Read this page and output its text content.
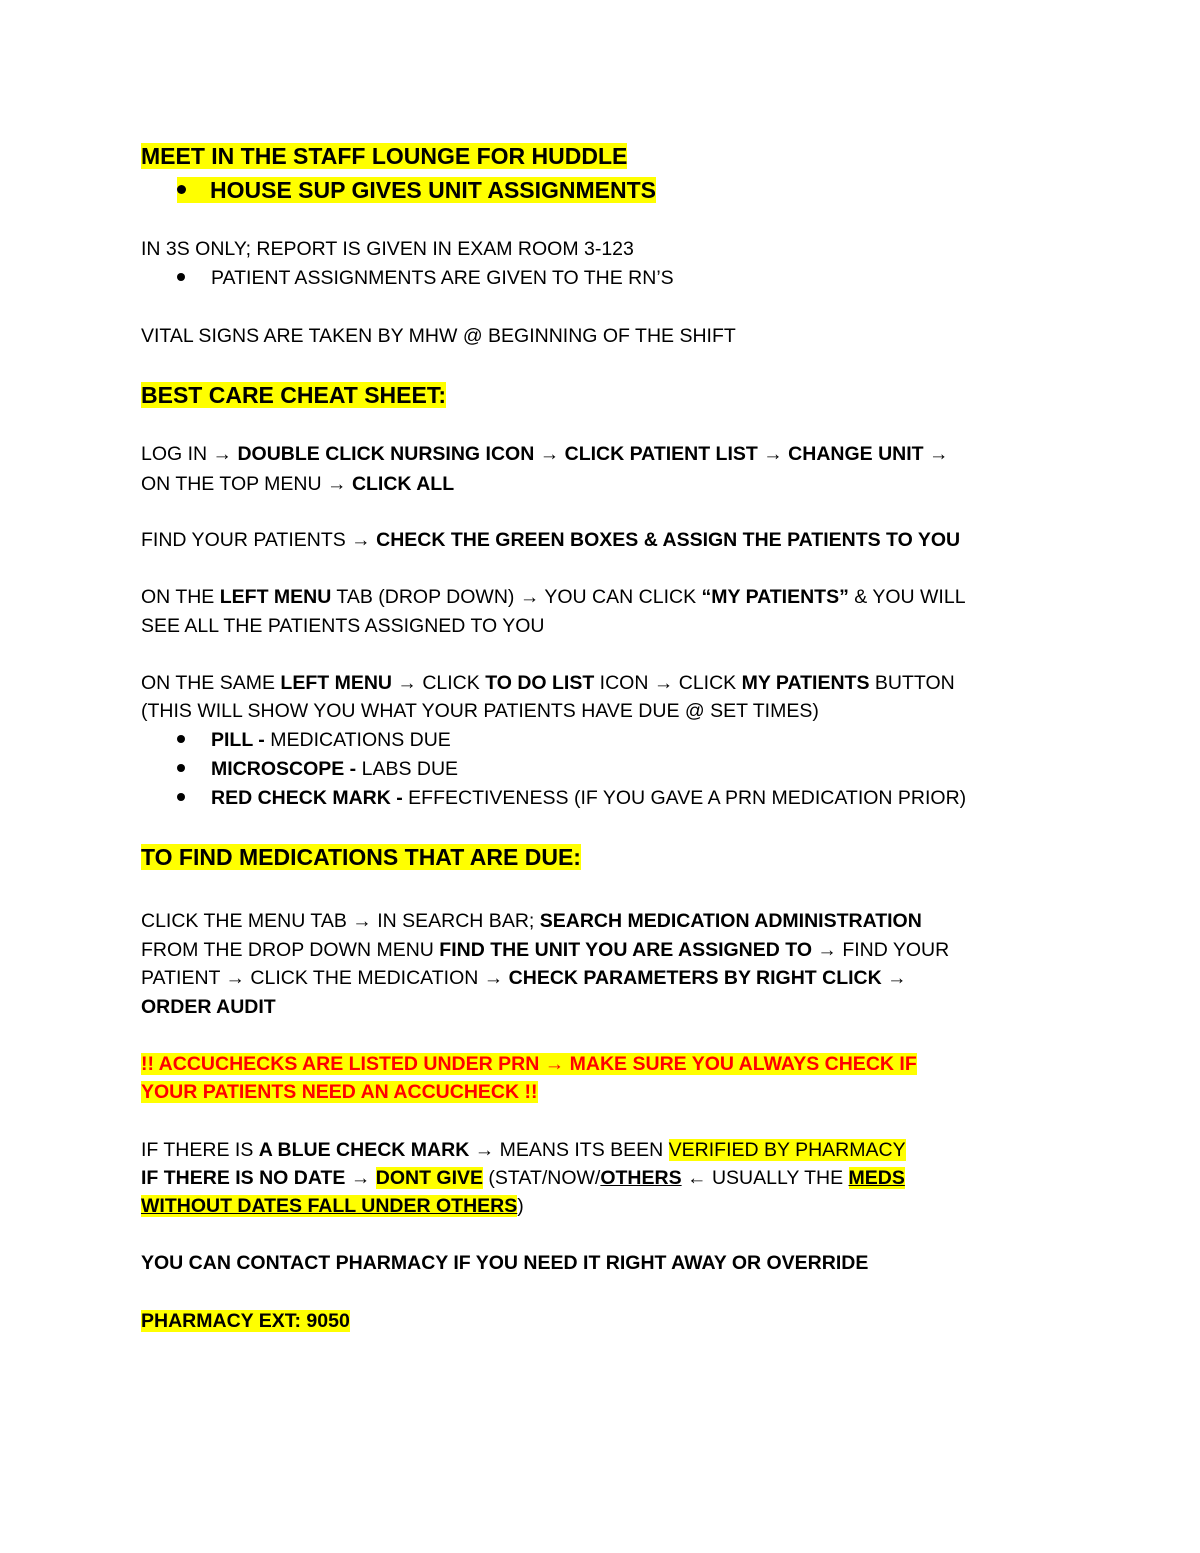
MEET IN THE STAFF LOUNGE FOR HUDDLE
HOUSE SUP GIVES UNIT ASSIGNMENTS
IN 3S ONLY; REPORT IS GIVEN IN EXAM ROOM 3-123
PATIENT ASSIGNMENTS ARE GIVEN TO THE RN’S
VITAL SIGNS ARE TAKEN BY MHW @ BEGINNING OF THE SHIFT
BEST CARE CHEAT SHEET:
LOG IN → DOUBLE CLICK NURSING ICON → CLICK PATIENT LIST → CHANGE UNIT →
ON THE TOP MENU → CLICK ALL
FIND YOUR PATIENTS → CHECK THE GREEN BOXES & ASSIGN THE PATIENTS TO YOU
ON THE LEFT MENU TAB (DROP DOWN) → YOU CAN CLICK “MY PATIENTS” & YOU WILL
SEE ALL THE PATIENTS ASSIGNED TO YOU
ON THE SAME LEFT MENU → CLICK TO DO LIST ICON → CLICK MY PATIENTS BUTTON
(THIS WILL SHOW YOU WHAT YOUR PATIENTS HAVE DUE @ SET TIMES)
PILL - MEDICATIONS DUE
MICROSCOPE - LABS DUE
RED CHECK MARK - EFFECTIVENESS (IF YOU GAVE A PRN MEDICATION PRIOR)
TO FIND MEDICATIONS THAT ARE DUE:
CLICK THE MENU TAB → IN SEARCH BAR; SEARCH MEDICATION ADMINISTRATION
FROM THE DROP DOWN MENU FIND THE UNIT YOU ARE ASSIGNED TO → FIND YOUR
PATIENT → CLICK THE MEDICATION → CHECK PARAMETERS BY RIGHT CLICK →
ORDER AUDIT
!! ACCUCHECKS ARE LISTED UNDER PRN → MAKE SURE YOU ALWAYS CHECK IF
YOUR PATIENTS NEED AN ACCUCHECK !!
IF THERE IS A BLUE CHECK MARK → MEANS ITS BEEN VERIFIED BY PHARMACY
IF THERE IS NO DATE → DONT GIVE (STAT/NOW/OTHERS ← USUALLY THE MEDS
WITHOUT DATES FALL UNDER OTHERS)
YOU CAN CONTACT PHARMACY IF YOU NEED IT RIGHT AWAY OR OVERRIDE
PHARMACY EXT: 9050
